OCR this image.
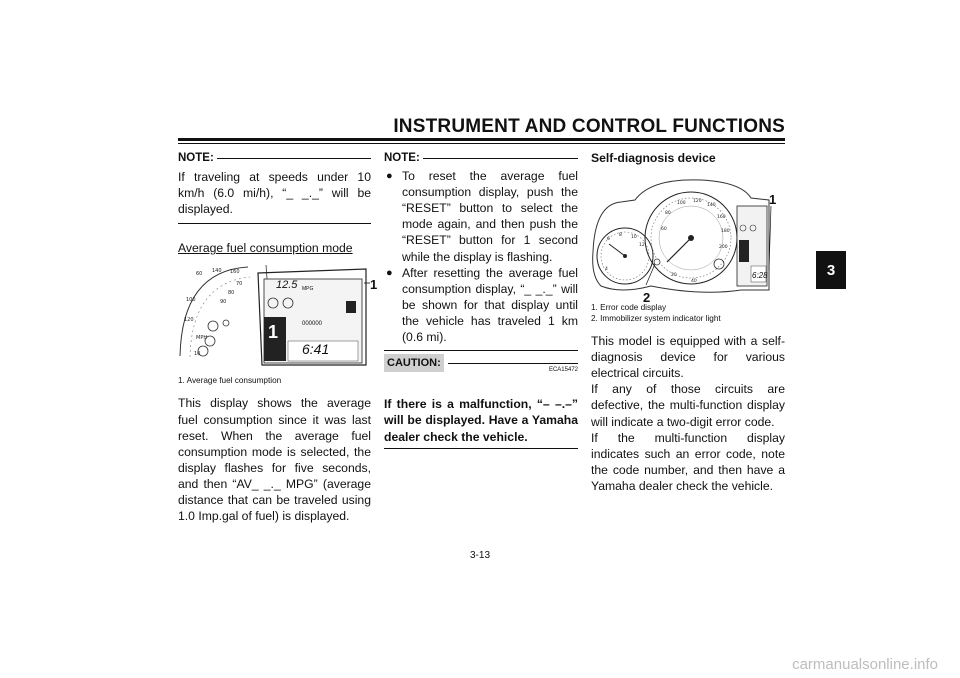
INSTRUMENT AND CONTROL FUNCTIONS
3
NOTE:

If traveling at speeds under 10 km/h (6.0 mi/h), “_ _._” will be displayed.

Average fuel consumption mode
60 140 160
70
80
90
100
120
MPH
10
12.5 MPG
000000
1
6:41
1
1. Average fuel consumption

This display shows the average fuel consumption since it was last reset. When the average fuel consumption mode is selected, the display flashes for five seconds, and then “AV_ _._ MPG” (average distance that can be traveled using 1.0 Imp.gal of fuel) is displayed.

NOTE:
● To reset the average fuel consumption display, push the “RESET” button to select the mode again, and then push the “RESET” button for 1 second while the display is flashing.
● After resetting the average fuel consumption display, “_ _._” will be shown for that display until the vehicle has traveled 1 km (0.6 mi).
ECA15472
CAUTION:

If there is a malfunction, “– –.–” will be displayed. Have a Yamaha dealer check the vehicle.

Self-diagnosis device
6
8 10
12
4
60
80
100 120
140
160
180
200
20
40
6:28
1
2
1. Error code display
2. Immobilizer system indicator light

This model is equipped with a self-diagnosis device for various electrical circuits.

If any of those circuits are defective, the multi-function display will indicate a two-digit error code.

If the multi-function display indicates such an error code, note the code number, and then have a Yamaha dealer check the vehicle.

3-13
carmanualsonline.info
